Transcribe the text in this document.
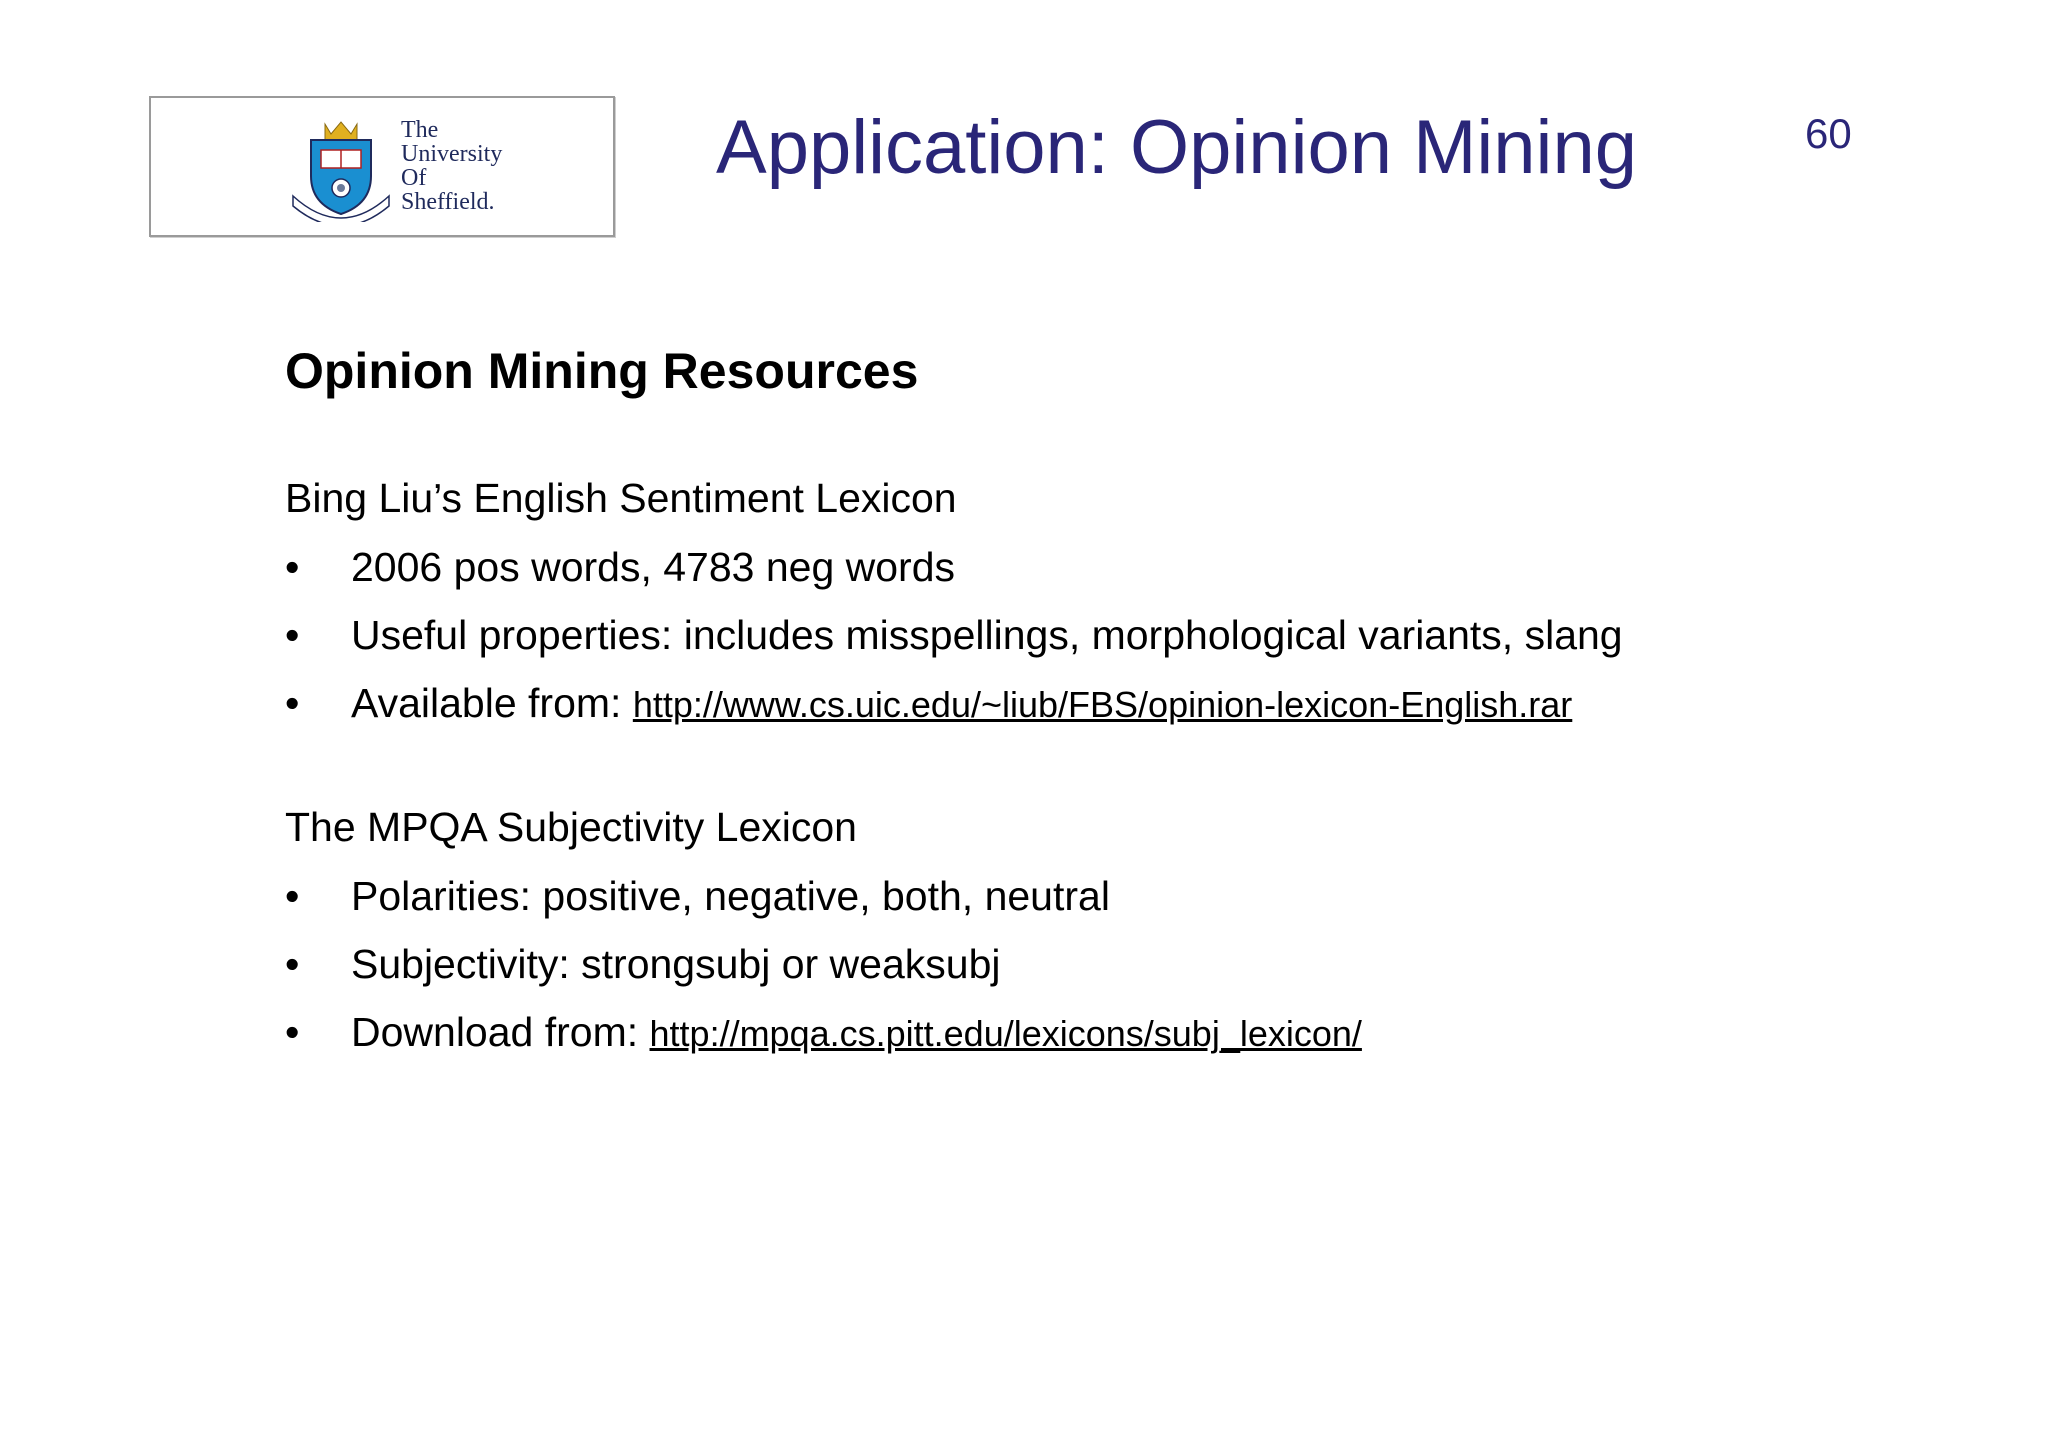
The
University
Of
Sheffield.
Application: Opinion Mining	60
Opinion Mining Resources
Bing Liu’s English Sentiment Lexicon
• 2006 pos words, 4783 neg words
• Useful properties: includes misspellings, morphological variants, slang
• Available from: http://www.cs.uic.edu/~liub/FBS/opinion-lexicon-English.rar
The MPQA Subjectivity Lexicon
• Polarities: positive, negative, both, neutral
• Subjectivity: strongsubj or weaksubj
• Download from: http://mpqa.cs.pitt.edu/lexicons/subj_lexicon/
